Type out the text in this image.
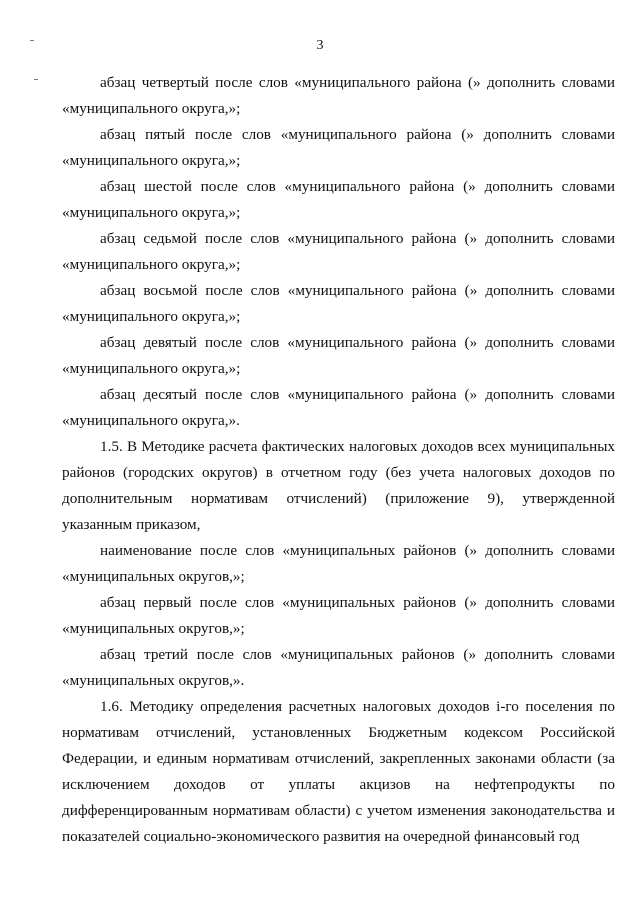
3

абзац четвертый после слов «муниципального района (» дополнить словами «муниципального округа,»;

абзац пятый после слов «муниципального района (» дополнить словами «муниципального округа,»;

абзац шестой после слов «муниципального района (» дополнить словами «муниципального округа,»;

абзац седьмой после слов «муниципального района (» дополнить словами «муниципального округа,»;

абзац восьмой после слов «муниципального района (» дополнить словами «муниципального округа,»;

абзац девятый после слов «муниципального района (» дополнить словами «муниципального округа,»;

абзац десятый после слов «муниципального района (» дополнить словами «муниципального округа,».

1.5. В Методике расчета фактических налоговых доходов всех муниципальных районов (городских округов) в отчетном году (без учета налоговых доходов по дополнительным нормативам отчислений) (приложение 9), утвержденной указанным приказом,

наименование после слов «муниципальных районов (» дополнить словами «муниципальных округов,»;

абзац первый после слов «муниципальных районов (» дополнить словами «муниципальных округов,»;

абзац третий после слов «муниципальных районов (» дополнить словами «муниципальных округов,».

1.6. Методику определения расчетных налоговых доходов i-го поселения по нормативам отчислений, установленных Бюджетным кодексом Российской Федерации, и единым нормативам отчислений, закрепленных законами области (за исключением доходов от уплаты акцизов на нефтепродукты по дифференцированным нормативам области) с учетом изменения законодательства и показателей социально-экономического развития на очередной финансовый год
